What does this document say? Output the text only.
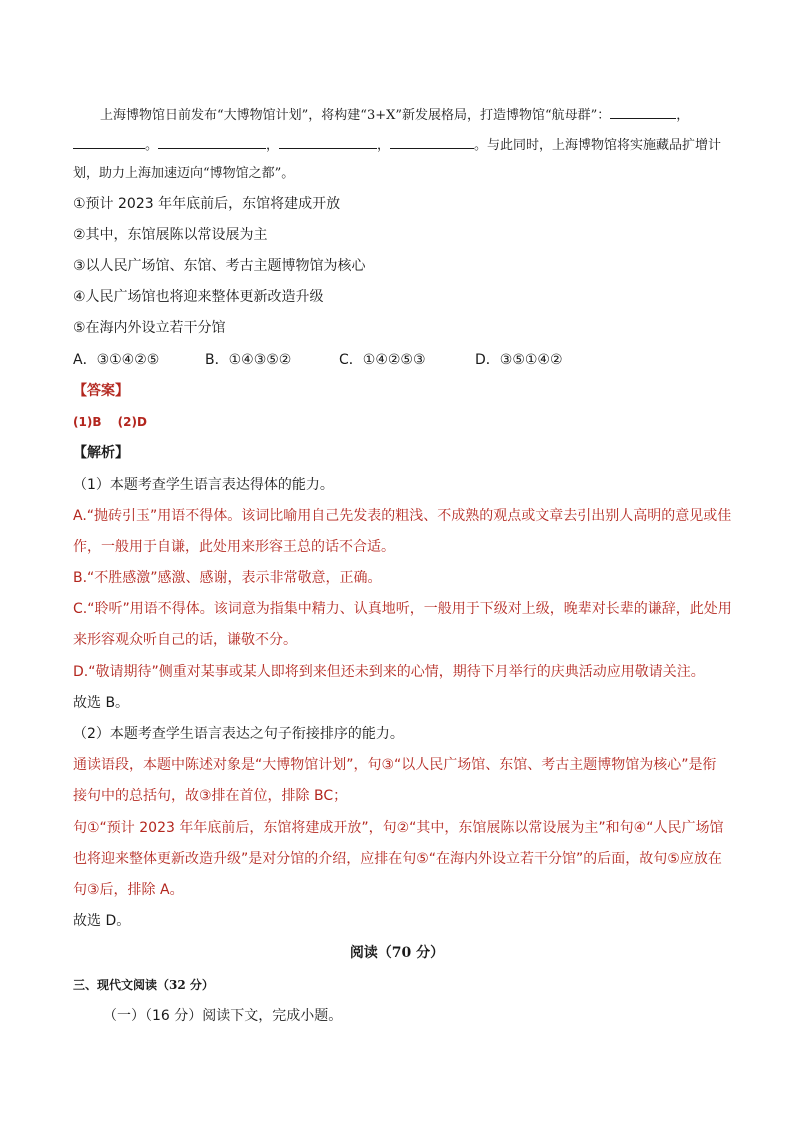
上海博物馆日前发布“大博物馆计划”，将构建“3+X”新发展格局，打造博物馆“航母群”：	，
。	，	，	。与此同时，上海博物馆将实施藏品扩增计
划，助力上海加速迈向“博物馆之都”。
①预计 2023 年年底前后，东馆将建成开放
②其中，东馆展陈以常设展为主
③以人民广场馆、东馆、考古主题博物馆为核心
④人民广场馆也将迎来整体更新改造升级
⑤在海内外设立若干分馆
A．③①④②⑤	B．①④③⑤②	C．①④②⑤③	D．③⑤①④②
【答案】
(1)B　 (2)D
【解析】
（1）本题考查学生语言表达得体的能力。
A.“抛砖引玉”用语不得体。该词比喻用自己先发表的粗浅、不成熟的观点或文章去引出别人高明的意见或佳
作，一般用于自谦，此处用来形容王总的话不合适。
B.“不胜感激”感激、感谢，表示非常敬意，正确。
C.“聆听”用语不得体。该词意为指集中精力、认真地听，一般用于下级对上级，晚辈对长辈的谦辞，此处用
来形容观众听自己的话，谦敬不分。
D.“敬请期待”侧重对某事或某人即将到来但还未到来的心情，期待下月举行的庆典活动应用敬请关注。
故选 B。
（2）本题考查学生语言表达之句子衔接排序的能力。
通读语段，本题中陈述对象是“大博物馆计划”，句③“以人民广场馆、东馆、考古主题博物馆为核心”是衔
接句中的总括句，故③排在首位，排除 BC；
句①“预计 2023 年年底前后，东馆将建成开放”，句②“其中，东馆展陈以常设展为主”和句④“人民广场馆
也将迎来整体更新改造升级”是对分馆的介绍，应排在句⑤“在海内外设立若干分馆”的后面，故句⑤应放在
句③后，排除 A。
故选 D。
阅读（70 分）
三、现代文阅读（32 分）
（一）（16 分）阅读下文，完成小题。
